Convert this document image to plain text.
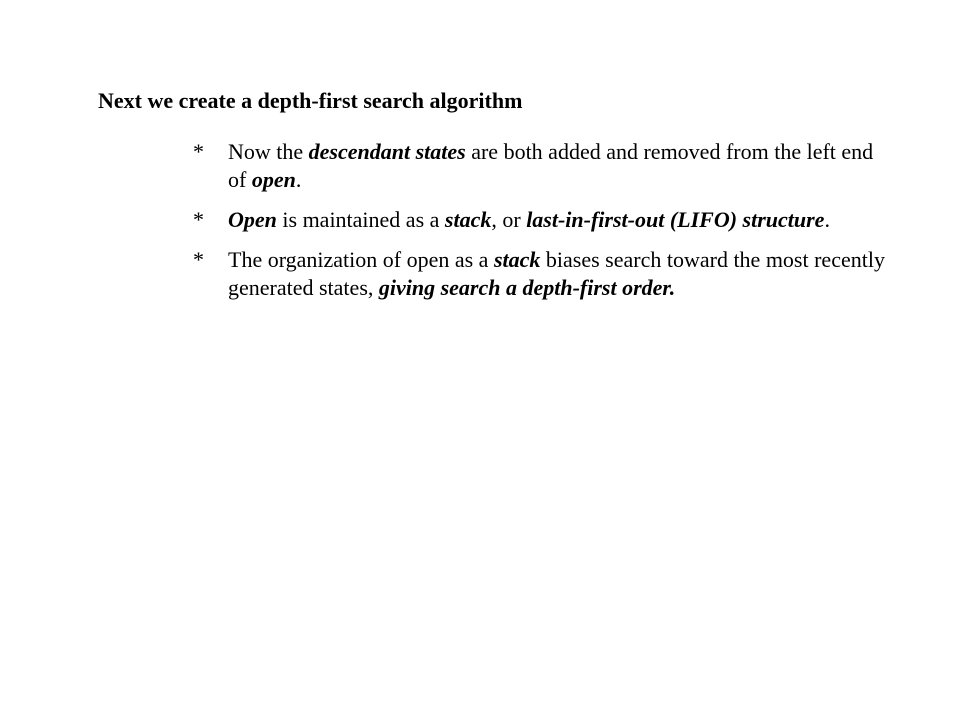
Next we create a depth-first search algorithm
* Now the descendant states are both added and removed from the left end of open.
* Open is maintained as a stack, or last-in-first-out (LIFO) structure.
* The organization of open as a stack biases search toward the most recently generated states, giving search a depth-first order.
